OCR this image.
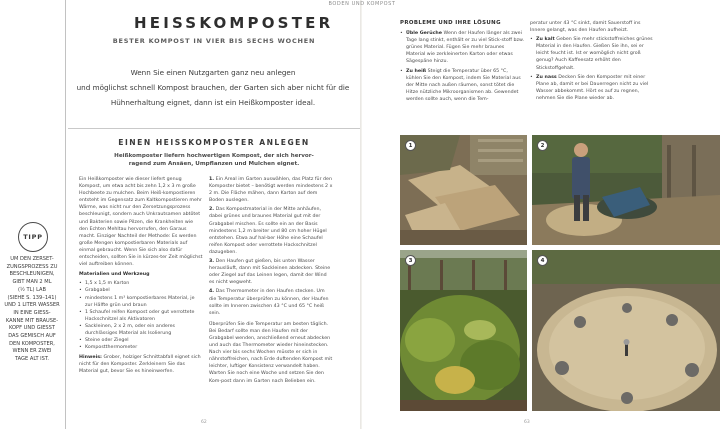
HEISSKOMPOSTER
BESTER KOMPOST IN VIER BIS SECHS WOCHEN
Wenn Sie einen Nutzgarten ganz neu anlegen
und möglichst schnell Kompost brauchen, der Garten sich aber nicht für die
Hühnerhaltung eignet, dann ist ein Heißkomposter ideal.
EINEN HEISSKOMPOSTER ANLEGEN
Heißkomposter liefern hochwertigen Kompost, der sich hervor-
ragend zum Ansäen, Umpflanzen und Mulchen eignet.
TIPP
UM DEN ZERSET-
ZUNGSPROZESS ZU
BESCHLEUNIGEN,
GIBT MAN 2 ML
(½ TL) LAB
(SIEHE S. 139–141)
UND 1 LITER WASSER
IN EINE GIESS-
KANNE MIT BRAUSE-
KOPF UND GIESST
DAS GEMISCH AUF
DEN KOMPOSTER,
WENN ER ZWEI
TAGE ALT IST.

Ein Heißkomposter wie dieser liefert genug Kompost, um etwa acht bis zehn 1,2 x 3 m große Hochbeete zu mulchen. Beim Heiß-kompostieren entsteht im Gegensatz zum Kaltkompostieren mehr Wärme, was nicht nur den Zersetzungsprozess beschleunigt, sondern auch Unkrautsamen abtötet und Bakterien sowie Pilzen, die Krankheiten wie den Echten Mehltau hervorrufen, den Garaus macht. Einziger Nachteil der Methode: Es werden große Mengen kompostierbaren Materials auf einmal gebraucht. Wenn Sie sich also dafür entscheiden, sollten Sie in kürzes-ter Zeit möglichst viel auftreiben können.

Materialien und Werkzeug

• 1,5 x 1,5 m Karton
• Grabgabel
• mindestens 1 m³ kompostierbares Material, je zur Hälfte grün und braun
• 1 Schaufel reifen Kompost oder gut verrottete Hackschnitzel als Aktivatoren
• Sackleinen, 2 x 2 m, oder ein anderes durchlässiges Material als Isolierung
• Steine oder Ziegel
• Kompostthermometer

Hinweis: Grober, holziger Schnittabfall eignet sich nicht für den Komposter. Zerkleinern Sie das Material gut, bevor Sie es hineinwerfen.

1. Ein Areal im Garten auswählen, das Platz für den Komposter bietet – benötigt werden mindestens 2 x 2 m. Die Fläche mähen, dann Karton auf dem Boden auslegen.

2. Das Kompostmaterial in der Mitte anhäufen, dabei grünes und braunes Material gut mit der Grabgabel mischen. Es sollte ein an der Basis mindestens 1,2 m breiter und 80 cm hoher Hügel entstehen. Etwa auf hal-ber Höhe eine Schaufel reifen Kompost oder verrottete Hackschnitzel dazugeben.

3. Den Haufen gut gießen, bis unten Wasser herausläuft, dann mit Sackleinen abdecken. Steine oder Ziegel auf das Leinen legen, damit der Wind es nicht wegweht.

4. Das Thermometer in den Haufen stecken. Um die Temperatur überprüfen zu können, der Haufen sollte im Inneren zwischen 43 °C und 65 °C heiß sein.

Überprüfen Sie die Temperatur am besten täglich. Bei Bedarf sollte man den Haufen mit der Grabgabel wenden, anschließend erneut abdecken und auch das Thermometer wieder hineinstecken. Nach vier bis sechs Wochen müsste er sich in nährstoffreichen, nach Erde duftenden Kompost mit leichter, luftiger Konsistenz verwandelt haben. Warten Sie noch eine Woche und setzen Sie den Kom-post dann im Garten nach Belieben ein.

62
BODEN UND KOMPOST

PROBLEME UND IHRE LÖSUNG

• Üble Gerüche Wenn der Haufen länger als zwei Tage lang stinkt, enthält er zu viel Stick-stoff bzw. grünes Material. Fügen Sie mehr braunes Material wie zerkleinerten Karton oder etwas Sägespäne hinzu.
• Zu heiß Steigt die Temperatur über 65 °C, kühlen Sie den Kompost, indem Sie Material aus der Mitte nach außen räumen, sonst tötet die Hitze nützliche Mikroorganismen ab. Gewendet werden sollte auch, wenn die Tem-

peratur unter 43 °C sinkt, damit Sauerstoff ins Innere gelangt, was den Haufen aufheizt.

• Zu kalt Geben Sie mehr stickstoffreiches grünes Material in den Haufen. Gießen Sie ihn, sei er leicht feucht ist. Ist er womöglich nicht groß genug? Auch Kaffeesatz erhöht den Stickstoffgehalt.
• Zu nass Decken Sie den Komposter mit einer Plane ab, damit er bei Dauerregen nicht zu viel Wasser abbekommt. Hört es auf zu regnen, nehmen Sie die Plane wieder ab.
1	2
3	4
63
